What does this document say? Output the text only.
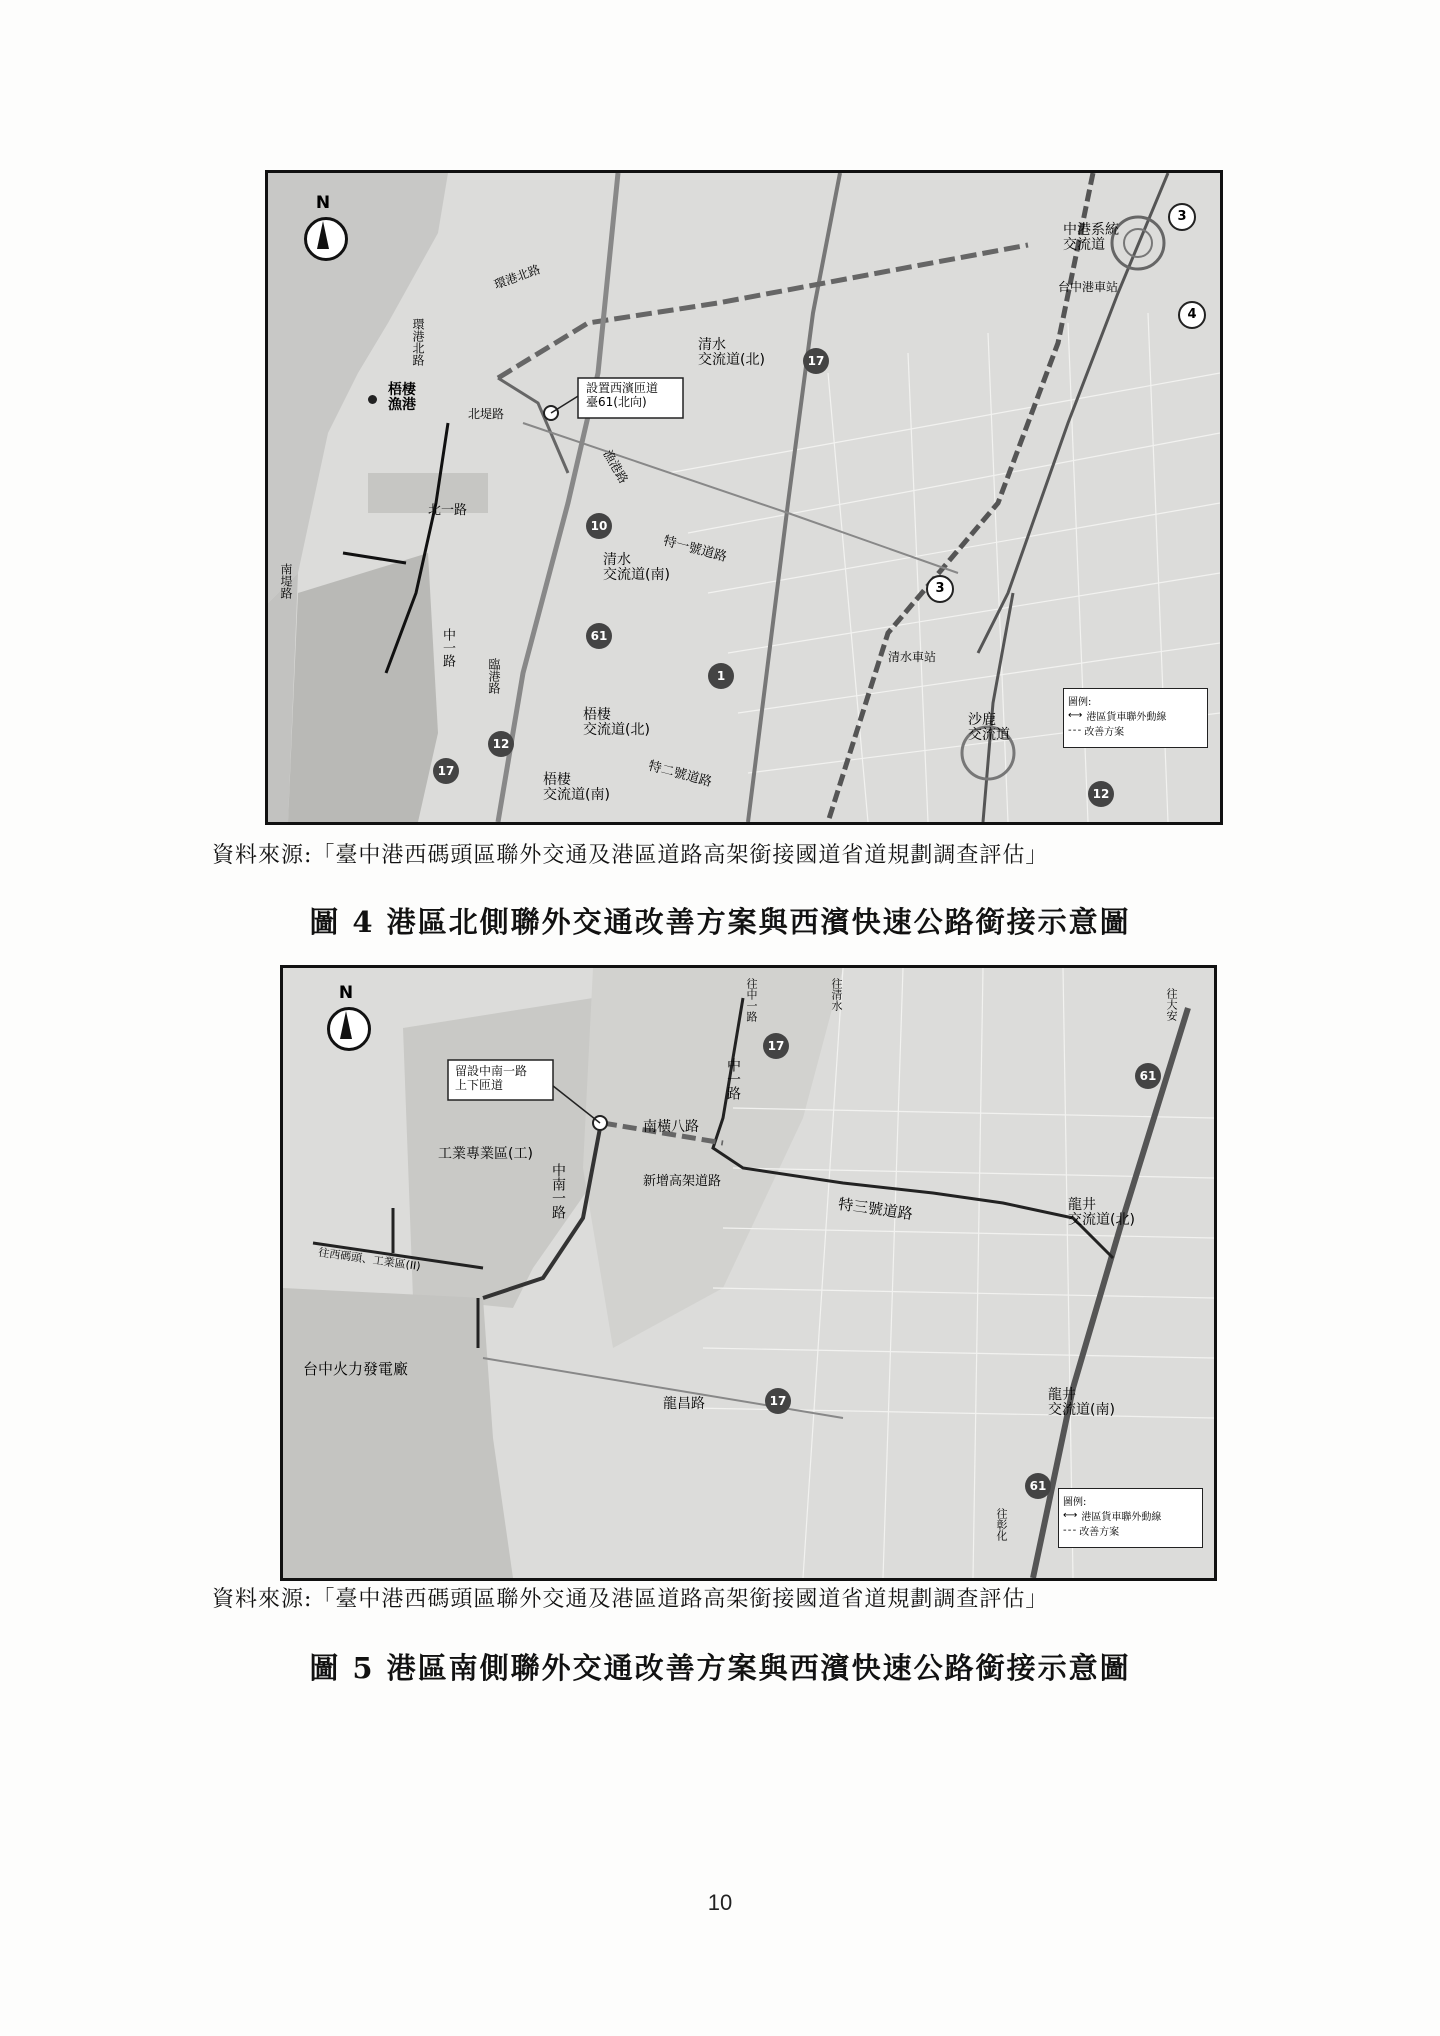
N
中港系統
交流道
台中港車站
環港北路
環港北路
梧棲
漁港
北堤路
清水
交流道(北)
漁港路
北一路
中一路
臨港路
南堤路
特一號道路
清水
交流道(南)
清水車站
梧棲
交流道(北)
梧棲
交流道(南)
特二號道路
沙鹿
交流道
設置西濱匝道
臺61(北向)
3
4
17
10
61
1
3
12
17
12
圖例:
⟷ 港區貨車聯外動線
- - - 改善方案
資料來源:「臺中港西碼頭區聯外交通及港區道路高架銜接國道省道規劃調查評估」
圖 4 港區北側聯外交通改善方案與西濱快速公路銜接示意圖
N
留設中南一路
上下匝道
南橫八路
工業專業區(工)
新增高架道路
中南一路	特三號道路	龍井
交流道(北)
龍井
交流道(南)
台中火力發電廠
龍昌路
往西碼頭、工業區(II)
往中一路	往清水	往大安
往彰化
中一路
17
61
17
61
圖例:
⟷ 港區貨車聯外動線
- - - 改善方案
資料來源:「臺中港西碼頭區聯外交通及港區道路高架銜接國道省道規劃調查評估」
圖 5 港區南側聯外交通改善方案與西濱快速公路銜接示意圖
10
